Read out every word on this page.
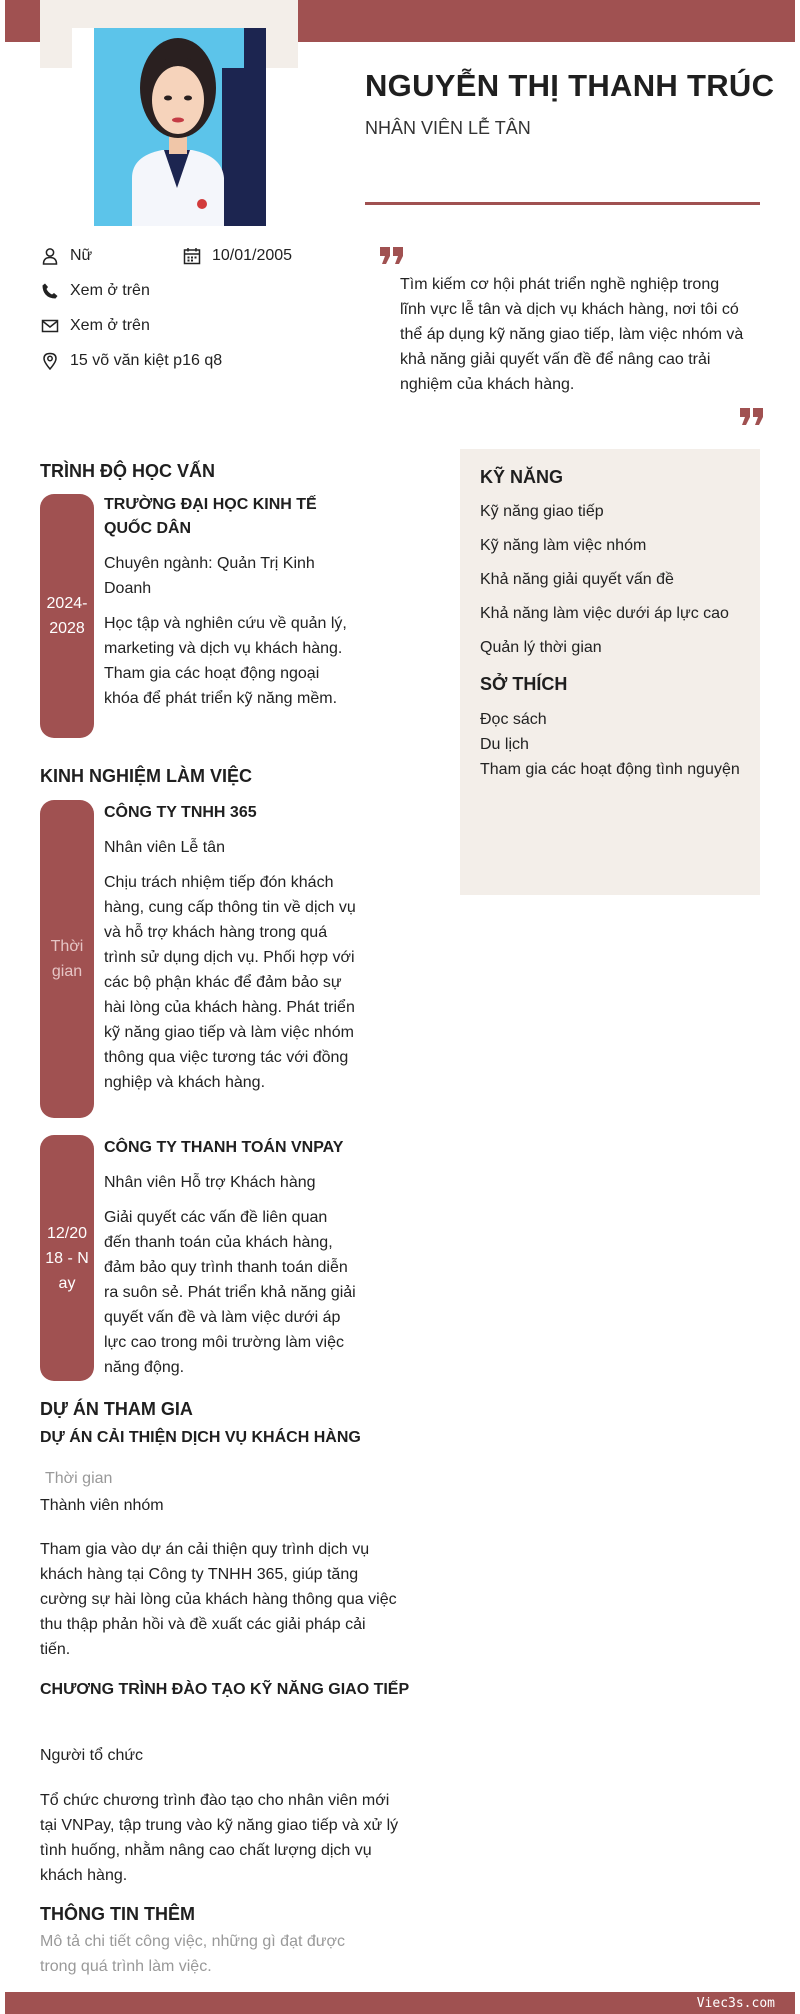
NGUYỄN THỊ THANH TRÚC
NHÂN VIÊN LỄ TÂN
Nữ	10/01/2005
Xem ở trên
Xem ở trên
15 võ văn kiệt p16 q8
Tìm kiếm cơ hội phát triển nghề nghiệp trong lĩnh vực lễ tân và dịch vụ khách hàng, nơi tôi có thể áp dụng kỹ năng giao tiếp, làm việc nhóm và khả năng giải quyết vấn đề để nâng cao trải nghiệm của khách hàng.
TRÌNH ĐỘ HỌC VẤN
2024-2028
TRƯỜNG ĐẠI HỌC KINH TẾ QUỐC DÂN
Chuyên ngành: Quản Trị Kinh Doanh
Học tập và nghiên cứu về quản lý, marketing và dịch vụ khách hàng. Tham gia các hoạt động ngoại khóa để phát triển kỹ năng mềm.
KINH NGHIỆM LÀM VIỆC
Thời gian
CÔNG TY TNHH 365
Nhân viên Lễ tân
Chịu trách nhiệm tiếp đón khách hàng, cung cấp thông tin về dịch vụ và hỗ trợ khách hàng trong quá trình sử dụng dịch vụ. Phối hợp với các bộ phận khác để đảm bảo sự hài lòng của khách hàng. Phát triển kỹ năng giao tiếp và làm việc nhóm thông qua việc tương tác với đồng nghiệp và khách hàng.
12/2018 - Nay
CÔNG TY THANH TOÁN VNPAY
Nhân viên Hỗ trợ Khách hàng
Giải quyết các vấn đề liên quan đến thanh toán của khách hàng, đảm bảo quy trình thanh toán diễn ra suôn sẻ. Phát triển khả năng giải quyết vấn đề và làm việc dưới áp lực cao trong môi trường làm việc năng động.
KỸ NĂNG
Kỹ năng giao tiếp
Kỹ năng làm việc nhóm
Khả năng giải quyết vấn đề
Khả năng làm việc dưới áp lực cao
Quản lý thời gian
SỞ THÍCH
Đọc sách
Du lịch
Tham gia các hoạt động tình nguyện
DỰ ÁN THAM GIA
DỰ ÁN CẢI THIỆN DỊCH VỤ KHÁCH HÀNG
Thời gian
Thành viên nhóm
Tham gia vào dự án cải thiện quy trình dịch vụ khách hàng tại Công ty TNHH 365, giúp tăng cường sự hài lòng của khách hàng thông qua việc thu thập phản hồi và đề xuất các giải pháp cải tiến.
CHƯƠNG TRÌNH ĐÀO TẠO KỸ NĂNG GIAO TIẾP
Người tổ chức
Tổ chức chương trình đào tạo cho nhân viên mới tại VNPay, tập trung vào kỹ năng giao tiếp và xử lý tình huống, nhằm nâng cao chất lượng dịch vụ khách hàng.
THÔNG TIN THÊM
Mô tả chi tiết công việc, những gì đạt được trong quá trình làm việc.
Viec3s.com
